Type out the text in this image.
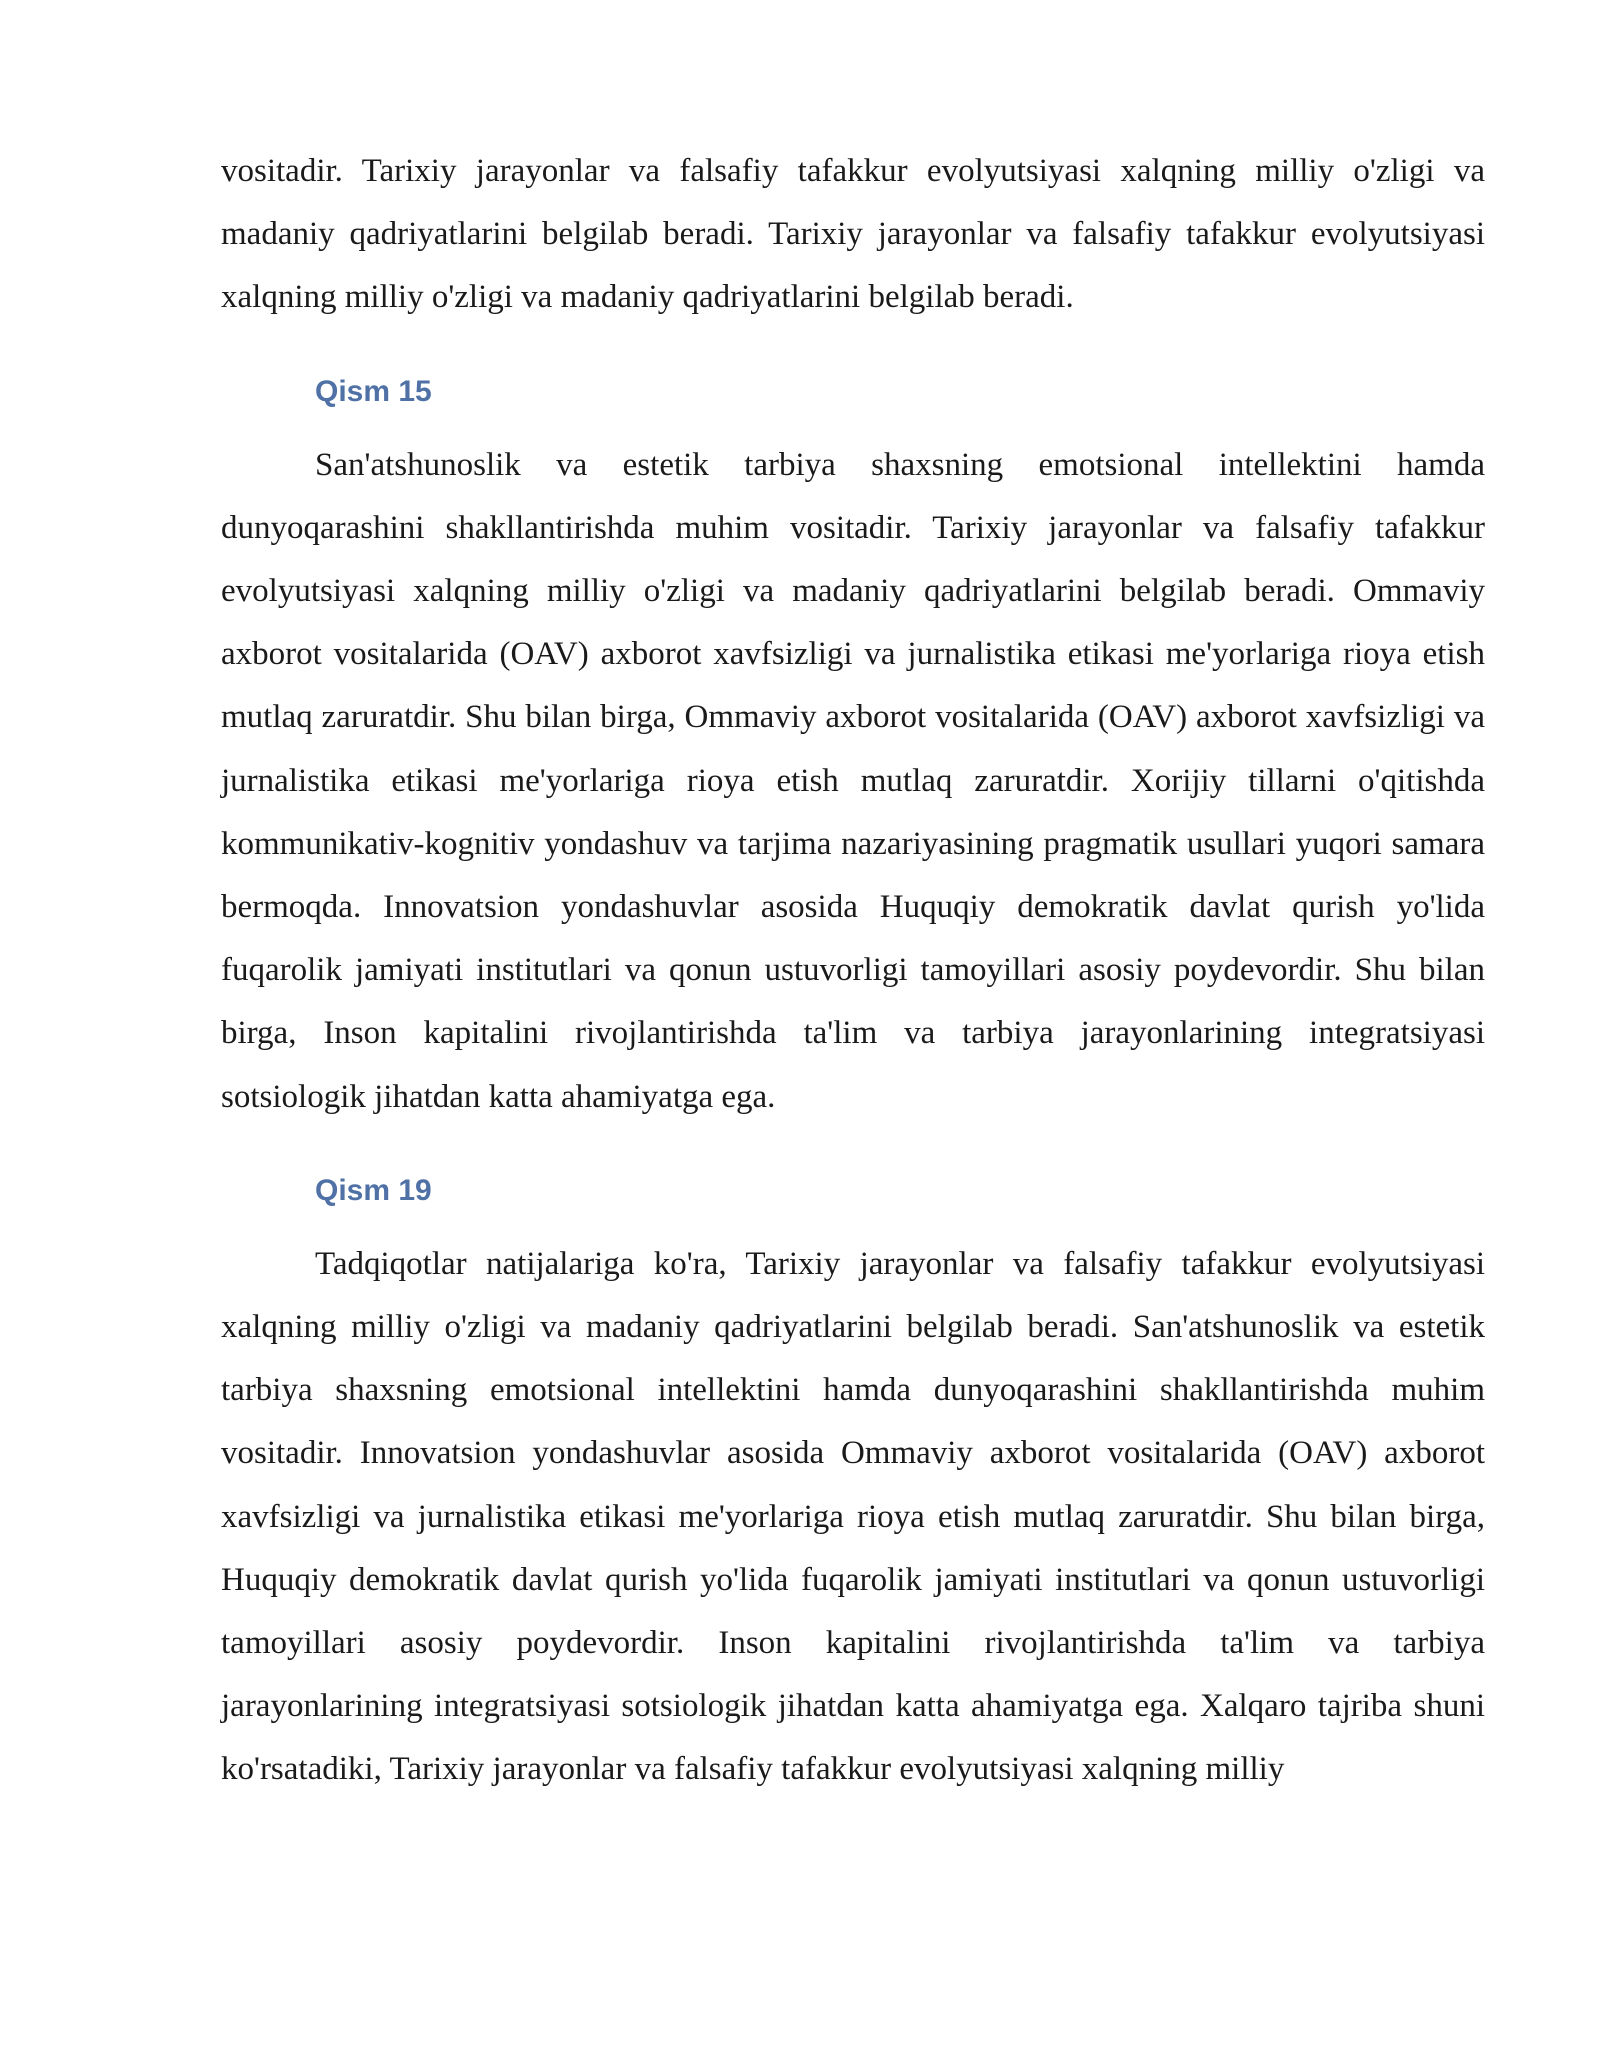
vositadir. Tarixiy jarayonlar va falsafiy tafakkur evolyutsiyasi xalqning milliy o'zligi va madaniy qadriyatlarini belgilab beradi. Tarixiy jarayonlar va falsafiy tafakkur evolyutsiyasi xalqning milliy o'zligi va madaniy qadriyatlarini belgilab beradi.

Qism 15

San'atshunoslik va estetik tarbiya shaxsning emotsional intellektini hamda dunyoqarashini shakllantirishda muhim vositadir. Tarixiy jarayonlar va falsafiy tafakkur evolyutsiyasi xalqning milliy o'zligi va madaniy qadriyatlarini belgilab beradi. Ommaviy axborot vositalarida (OAV) axborot xavfsizligi va jurnalistika etikasi me'yorlariga rioya etish mutlaq zaruratdir. Shu bilan birga, Ommaviy axborot vositalarida (OAV) axborot xavfsizligi va jurnalistika etikasi me'yorlariga rioya etish mutlaq zaruratdir. Xorijiy tillarni o'qitishda kommunikativ-kognitiv yondashuv va tarjima nazariyasining pragmatik usullari yuqori samara bermoqda. Innovatsion yondashuvlar asosida Huquqiy demokratik davlat qurish yo'lida fuqarolik jamiyati institutlari va qonun ustuvorligi tamoyillari asosiy poydevordir. Shu bilan birga, Inson kapitalini rivojlantirishda ta'lim va tarbiya jarayonlarining integratsiyasi sotsiologik jihatdan katta ahamiyatga ega.

Qism 19

Tadqiqotlar natijalariga ko'ra, Tarixiy jarayonlar va falsafiy tafakkur evolyutsiyasi xalqning milliy o'zligi va madaniy qadriyatlarini belgilab beradi. San'atshunoslik va estetik tarbiya shaxsning emotsional intellektini hamda dunyoqarashini shakllantirishda muhim vositadir. Innovatsion yondashuvlar asosida Ommaviy axborot vositalarida (OAV) axborot xavfsizligi va jurnalistika etikasi me'yorlariga rioya etish mutlaq zaruratdir. Shu bilan birga, Huquqiy demokratik davlat qurish yo'lida fuqarolik jamiyati institutlari va qonun ustuvorligi tamoyillari asosiy poydevordir. Inson kapitalini rivojlantirishda ta'lim va tarbiya jarayonlarining integratsiyasi sotsiologik jihatdan katta ahamiyatga ega. Xalqaro tajriba shuni ko'rsatadiki, Tarixiy jarayonlar va falsafiy tafakkur evolyutsiyasi xalqning milliy
